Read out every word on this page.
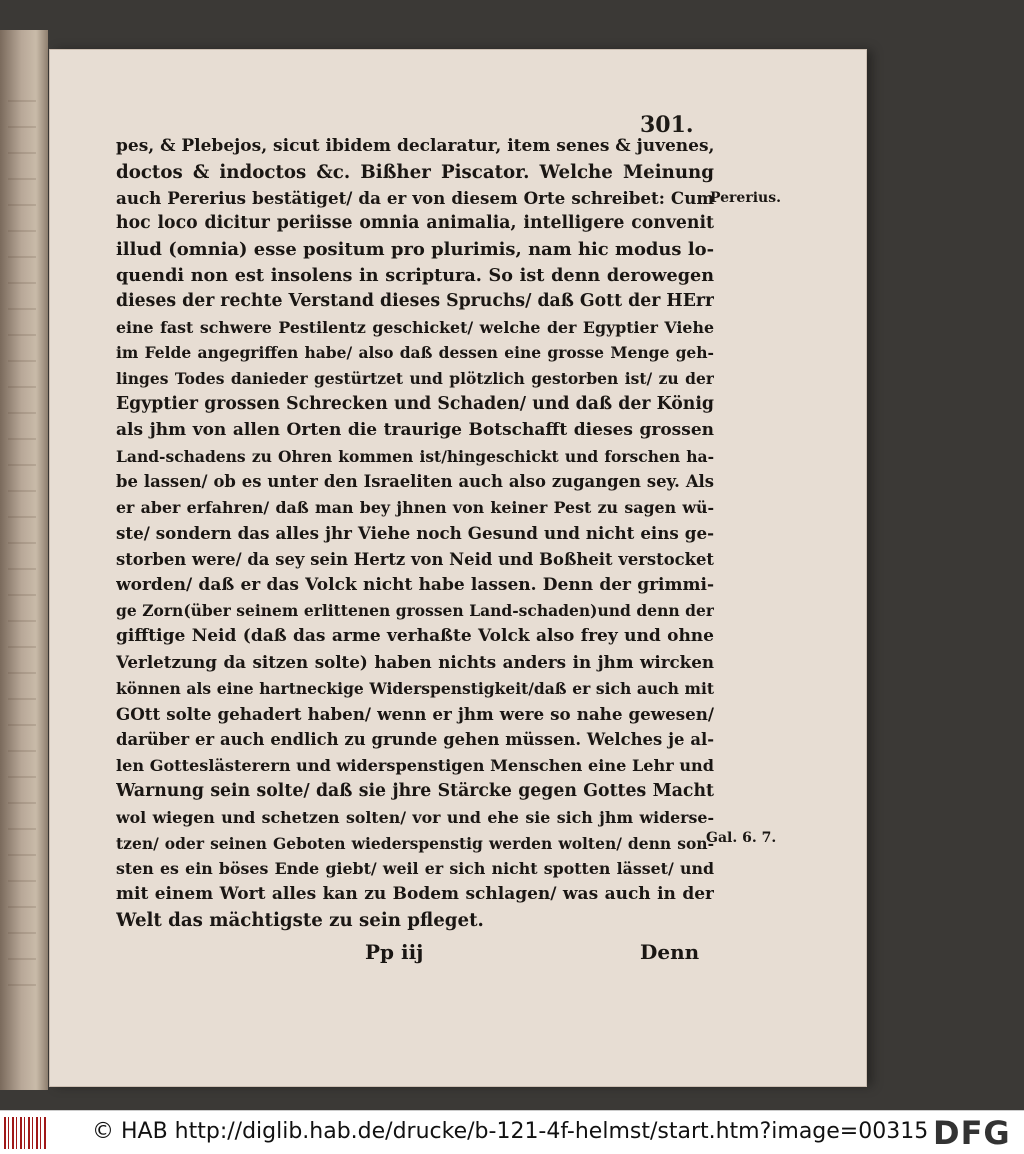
301.
pes, & Plebejos, sicut ibidem declaratur, item senes & juvenes,
doctos & indoctos &c. Bißher Piscator. Welche Meinung
auch Pererius bestätiget/ da er von diesem Orte schreibet: Cum
hoc loco dicitur periisse omnia animalia, intelligere convenit
illud (omnia) esse positum pro plurimis, nam hic modus lo-
quendi non est insolens in scriptura. So ist denn derowegen
dieses der rechte Verstand dieses Spruchs/ daß Gott der HErr
eine fast schwere Pestilentz geschicket/ welche der Egyptier Viehe
im Felde angegriffen habe/ also daß dessen eine grosse Menge geh-
linges Todes danieder gestürtzet und plötzlich gestorben ist/ zu der
Egyptier grossen Schrecken und Schaden/ und daß der König
als jhm von allen Orten die traurige Botschafft dieses grossen
Land-schadens zu Ohren kommen ist/hingeschickt und forschen ha-
be lassen/ ob es unter den Israeliten auch also zugangen sey. Als
er aber erfahren/ daß man bey jhnen von keiner Pest zu sagen wü-
ste/ sondern das alles jhr Viehe noch Gesund und nicht eins ge-
storben were/ da sey sein Hertz von Neid und Boßheit verstocket
worden/ daß er das Volck nicht habe lassen. Denn der grimmi-
ge Zorn(über seinem erlittenen grossen Land-schaden)und denn der
gifftige Neid (daß das arme verhaßte Volck also frey und ohne
Verletzung da sitzen solte) haben nichts anders in jhm wircken
können als eine hartneckige Widerspenstigkeit/daß er sich auch mit
GOtt solte gehadert haben/ wenn er jhm were so nahe gewesen/
darüber er auch endlich zu grunde gehen müssen. Welches je al-
len Gotteslästerern und widerspenstigen Menschen eine Lehr und
Warnung sein solte/ daß sie jhre Stärcke gegen Gottes Macht
wol wiegen und schetzen solten/ vor und ehe sie sich jhm widerse-
tzen/ oder seinen Geboten wiederspenstig werden wolten/ denn son-
sten es ein böses Ende giebt/ weil er sich nicht spotten lässet/ und
mit einem Wort alles kan zu Bodem schlagen/ was auch in der
Welt das mächtigste zu sein pfleget.
Pererius.
Gal. 6. 7.
Pp iij	Denn
© HAB http://diglib.hab.de/drucke/b-121-4f-helmst/start.htm?image=00315 DFG
